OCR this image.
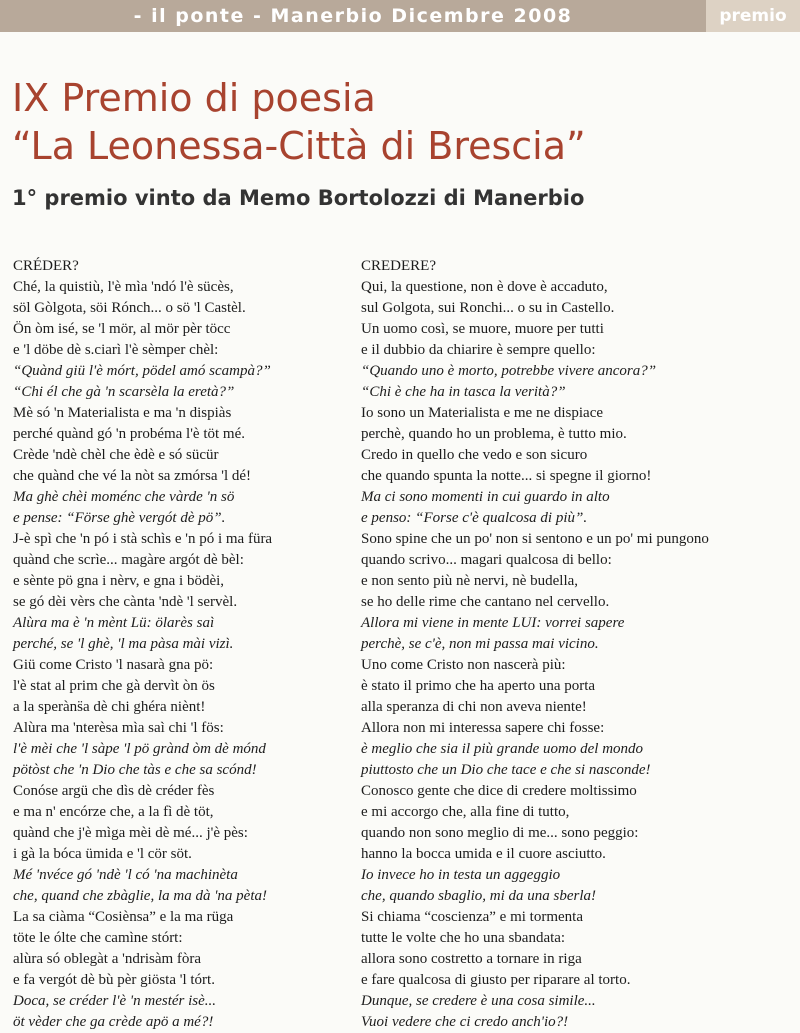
- il ponte - Manerbio Dicembre 2008	premio
IX Premio di poesia
“La Leonessa-Città di Brescia”
1° premio vinto da Memo Bortolozzi di Manerbio
CRÉDER?
Ché, la quistiù, l'è mìa 'ndó l'è sücès,
söl Gòlgota, söi Rónch... o sö 'l Castèl.
Ön òm isé, se 'l mör, al mör pèr töcc
e 'l döbe dè s.ciarì l'è sèmper chèl:
“Quànd giü l'è mórt, pödel amó scampà?”
“Chi él che gà 'n scarsèla la eretà?”
Mè só 'n Materialista e ma 'n dispiàs
perché quànd gó 'n probéma l'è töt mé.
Crède 'ndè chèl che èdè e só sücür
che quànd che vé la nòt sa zmórsa 'l dé!
Ma ghè chèi moménc che vàrde 'n sö
e pense: “Förse ghè vergót dè pö”.
J-è spì che 'n pó i stà schìs e 'n pó i ma füra
quànd che scrìe... magàre argót dè bèl:
e sènte pö gna i nèrv, e gna i bödèi,
se gó dèi vèrs che cànta 'ndè 'l servèl.
Alùra ma è 'n mènt Lü: ölarès saì
perché, se 'l ghè, 'l ma pàsa mài vizì.
Giü come Cristo 'l nasarà gna pö:
l'è stat al prim che gà dervìt òn ös
a la speràns̈a dè chi ghéra niènt!
Alùra ma 'nterèsa mìa saì chi 'l fös:
l'è mèi che 'l sàpe 'l pö grànd òm dè mónd
pötòst che 'n Dio che tàs e che sa scónd!
Conóse argü che dìs dè créder fès
e ma n' encórze che, a la fì dè töt,
quànd che j'è mìga mèi dè mé... j'è pès:
i gà la bóca ümida e 'l cör söt.
Mé 'nvéce gó 'ndè 'l có 'na machinèta
che, quand che zbàglie, la ma dà 'na pèta!
La sa ciàma “Cosiènsa” e la ma rüga
töte le ólte che camìne stórt:
alùra só oblegàt a 'ndrisàm fòra
e fa vergót dè bù pèr giösta 'l tórt.
Doca, se créder l'è 'n mestér isè...
öt vèder che ga crède apö a mé?!
CREDERE?
Qui, la questione, non è dove è accaduto,
sul Golgota, sui Ronchi... o su in Castello.
Un uomo così, se muore, muore per tutti
e il dubbio da chiarire è sempre quello:
“Quando uno è morto, potrebbe vivere ancora?”
“Chi è che ha in tasca la verità?”
Io sono un Materialista e me ne dispiace
perchè, quando ho un problema, è tutto mio.
Credo in quello che vedo e son sicuro
che quando spunta la notte... si spegne il giorno!
Ma ci sono momenti in cui guardo in alto
e penso: “Forse c'è qualcosa di più”.
Sono spine che un po' non si sentono e un po' mi pungono
quando scrivo... magari qualcosa di bello:
e non sento più nè nervi, nè budella,
se ho delle rime che cantano nel cervello.
Allora mi viene in mente LUI: vorrei sapere
perchè, se c'è, non mi passa mai vicino.
Uno come Cristo non nascerà più:
è stato il primo che ha aperto una porta
alla speranza di chi non aveva niente!
Allora non mi interessa sapere chi fosse:
è meglio che sia il più grande uomo del mondo
piuttosto che un Dio che tace e che si nasconde!
Conosco gente che dice di credere moltissimo
e mi accorgo che, alla fine di tutto,
quando non sono meglio di me... sono peggio:
hanno la bocca umida e il cuore asciutto.
Io invece ho in testa un aggeggio
che, quando sbaglio, mi da una sberla!
Si chiama “coscienza” e mi tormenta
tutte le volte che ho una sbandata:
allora sono costretto a tornare in riga
e fare qualcosa di giusto per riparare al torto.
Dunque, se credere è una cosa simile...
Vuoi vedere che ci credo anch'io?!
